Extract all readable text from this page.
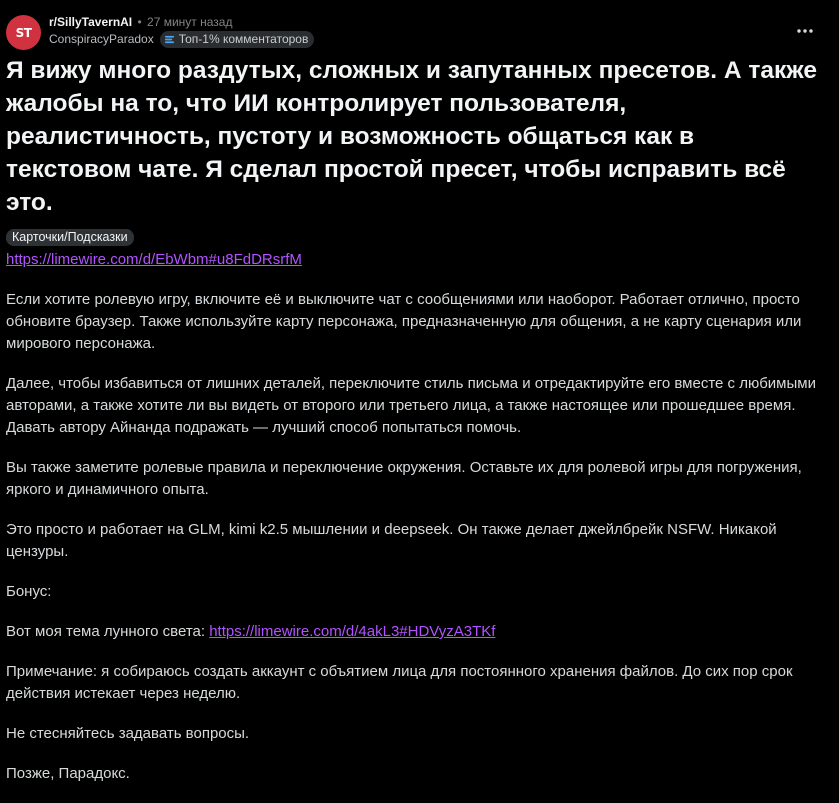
ST
r/SillyTavernAI • 27 минут назад
ConspiracyParadox Топ-1% комментаторов
Я вижу много раздутых, сложных и запутанных пресетов. А также жалобы на то, что ИИ контролирует пользователя, реалистичность, пустоту и возможность общаться как в текстовом чате. Я сделал простой пресет, чтобы исправить всё это.
Карточки/Подсказки

https://limewire.com/d/EbWbm#u8FdDRsrfM

Если хотите ролевую игру, включите её и выключите чат с сообщениями или наоборот. Работает отлично, просто обновите браузер. Также используйте карту персонажа, предназначенную для общения, а не карту сценария или мирового персонажа.

Далее, чтобы избавиться от лишних деталей, переключите стиль письма и отредактируйте его вместе с любимыми авторами, а также хотите ли вы видеть от второго или третьего лица, а также настоящее или прошедшее время. Давать автору Айнанда подражать — лучший способ попытаться помочь.

Вы также заметите ролевые правила и переключение окружения. Оставьте их для ролевой игры для погружения, яркого и динамичного опыта.

Это просто и работает на GLM, kimi k2.5 мышлении и deepseek. Он также делает джейлбрейк NSFW. Никакой цензуры.

Бонус:

Вот моя тема лунного света: https://limewire.com/d/4akL3#HDVyzA3TKf

Примечание: я собираюсь создать аккаунт с объятием лица для постоянного хранения файлов. До сих пор срок действия истекает через неделю.

Не стесняйтесь задавать вопросы.

Позже, Парадокс.
